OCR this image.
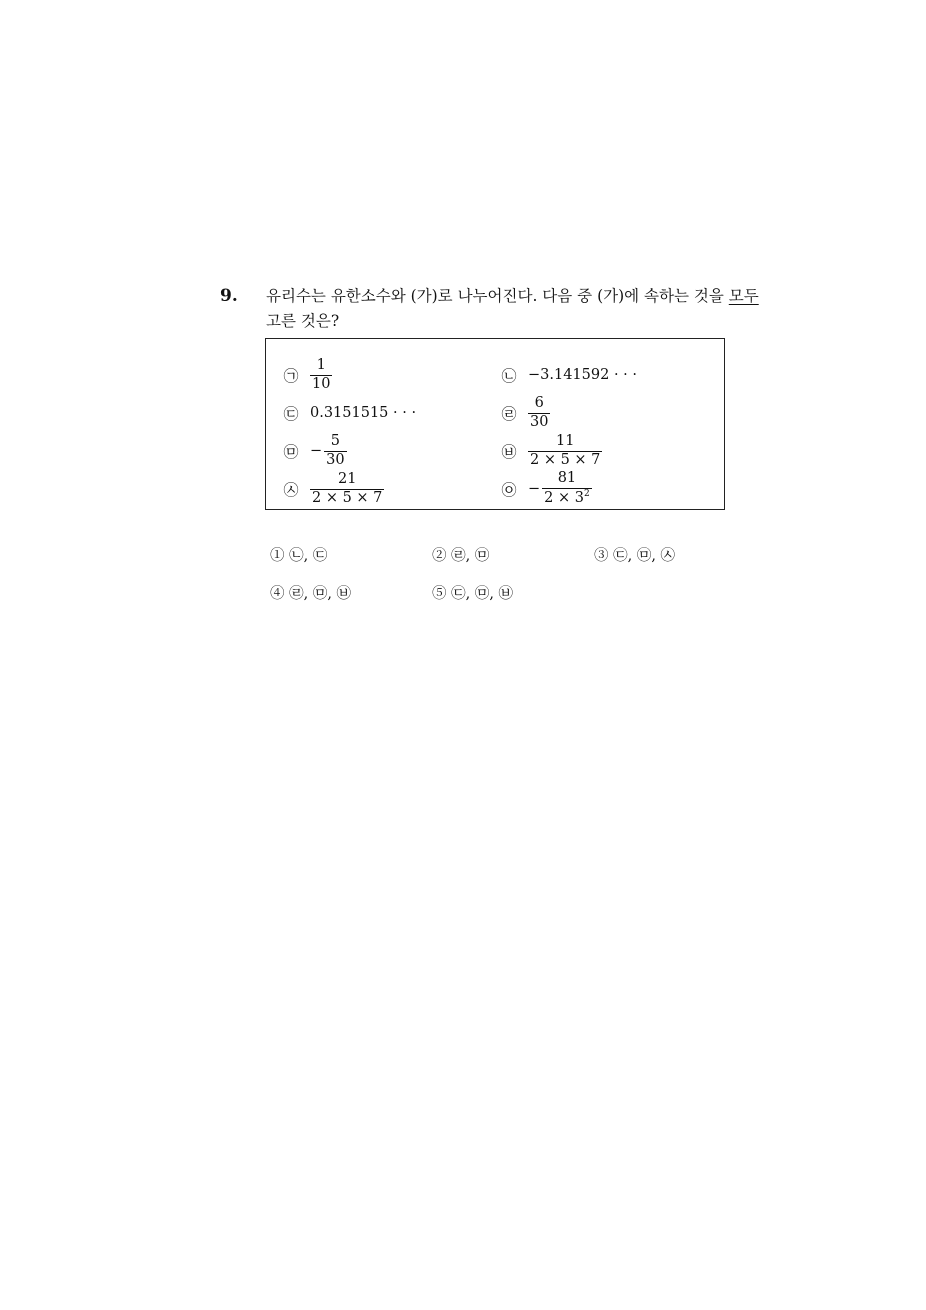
9. 유리수는 유한소수와 (가)로 나누어진다. 다음 중 (가)에 속하는 것을 모두 고른 것은?
㉠ $\frac{1}{10}$	㉡ −3.141592 · · ·
㉢ 0.3151515 · · ·	㉣ $\frac{6}{30}$
㉤ − $\frac{5}{30}$	㉥ $\frac{11}{2 \times 5 \times 7}$
㉦ $\frac{21}{2 \times 5 \times 7}$	㉧ − $\frac{81}{2 \times 3^2}$
① ㉡, ㉢	② ㉣, ㉤	③ ㉢, ㉤, ㉦
④ ㉣, ㉤, ㉥	⑤ ㉢, ㉤, ㉥
